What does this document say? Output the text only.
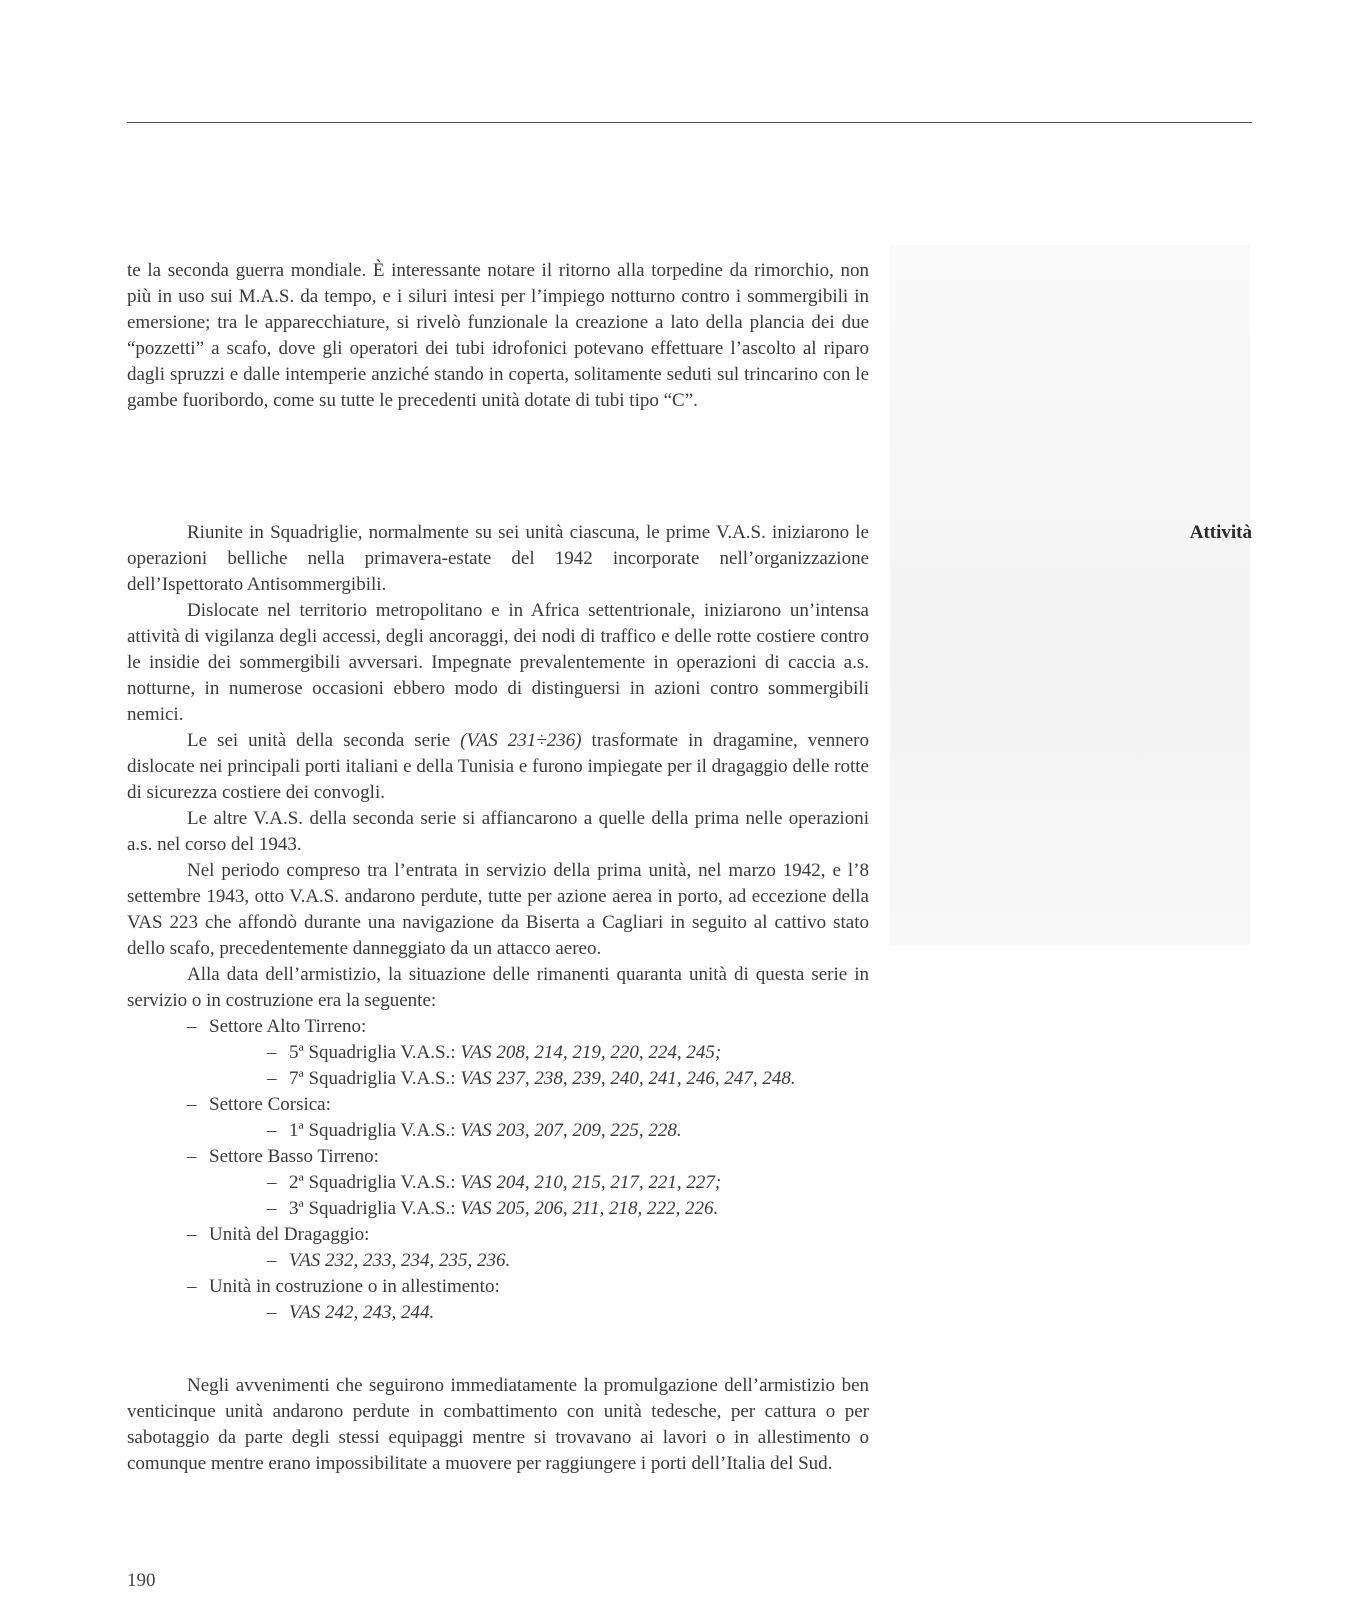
te la seconda guerra mondiale. È interessante notare il ritorno alla torpedine da rimorchio, non più in uso sui M.A.S. da tempo, e i siluri intesi per l’impiego notturno contro i sommergibili in emersione; tra le apparecchiature, si rivelò funzionale la creazione a lato della plancia dei due “pozzetti” a scafo, dove gli operatori dei tubi idrofonici potevano effettuare l’ascolto al riparo dagli spruzzi e dalle intemperie anziché stando in coperta, solitamente seduti sul trincarino con le gambe fuoribordo, come su tutte le precedenti unità dotate di tubi tipo “C”.

Attività

Riunite in Squadriglie, normalmente su sei unità ciascuna, le prime V.A.S. iniziarono le operazioni belliche nella primavera-estate del 1942 incorporate nell’organizzazione dell’Ispettorato Antisommergibili.

Dislocate nel territorio metropolitano e in Africa settentrionale, iniziarono un’intensa attività di vigilanza degli accessi, degli ancoraggi, dei nodi di traffico e delle rotte costiere contro le insidie dei sommergibili avversari. Impegnate prevalentemente in operazioni di caccia a.s. notturne, in numerose occasioni ebbero modo di distinguersi in azioni contro sommergibili nemici.

Le sei unità della seconda serie (VAS 231÷236) trasformate in dragamine, vennero dislocate nei principali porti italiani e della Tunisia e furono impiegate per il dragaggio delle rotte di sicurezza costiere dei convogli.

Le altre V.A.S. della seconda serie si affiancarono a quelle della prima nelle operazioni a.s. nel corso del 1943.

Nel periodo compreso tra l’entrata in servizio della prima unità, nel marzo 1942, e l’8 settembre 1943, otto V.A.S. andarono perdute, tutte per azione aerea in porto, ad eccezione della VAS 223 che affondò durante una navigazione da Biserta a Cagliari in seguito al cattivo stato dello scafo, precedentemente danneggiato da un attacco aereo.

Alla data dell’armistizio, la situazione delle rimanenti quaranta unità di questa serie in servizio o in costruzione era la seguente:

– Settore Alto Tirreno:
– 5ª Squadriglia V.A.S.: VAS 208, 214, 219, 220, 224, 245;
– 7ª Squadriglia V.A.S.: VAS 237, 238, 239, 240, 241, 246, 247, 248.
– Settore Corsica:
– 1ª Squadriglia V.A.S.: VAS 203, 207, 209, 225, 228.
– Settore Basso Tirreno:
– 2ª Squadriglia V.A.S.: VAS 204, 210, 215, 217, 221, 227;
– 3ª Squadriglia V.A.S.: VAS 205, 206, 211, 218, 222, 226.
– Unità del Dragaggio:
– VAS 232, 233, 234, 235, 236.
– Unità in costruzione o in allestimento:
– VAS 242, 243, 244.

Negli avvenimenti che seguirono immediatamente la promulgazione dell’armistizio ben venticinque unità andarono perdute in combattimento con unità tedesche, per cattura o per sabotaggio da parte degli stessi equipaggi mentre si trovavano ai lavori o in allestimento o comunque mentre erano impossibilitate a muovere per raggiungere i porti dell’Italia del Sud.

190
